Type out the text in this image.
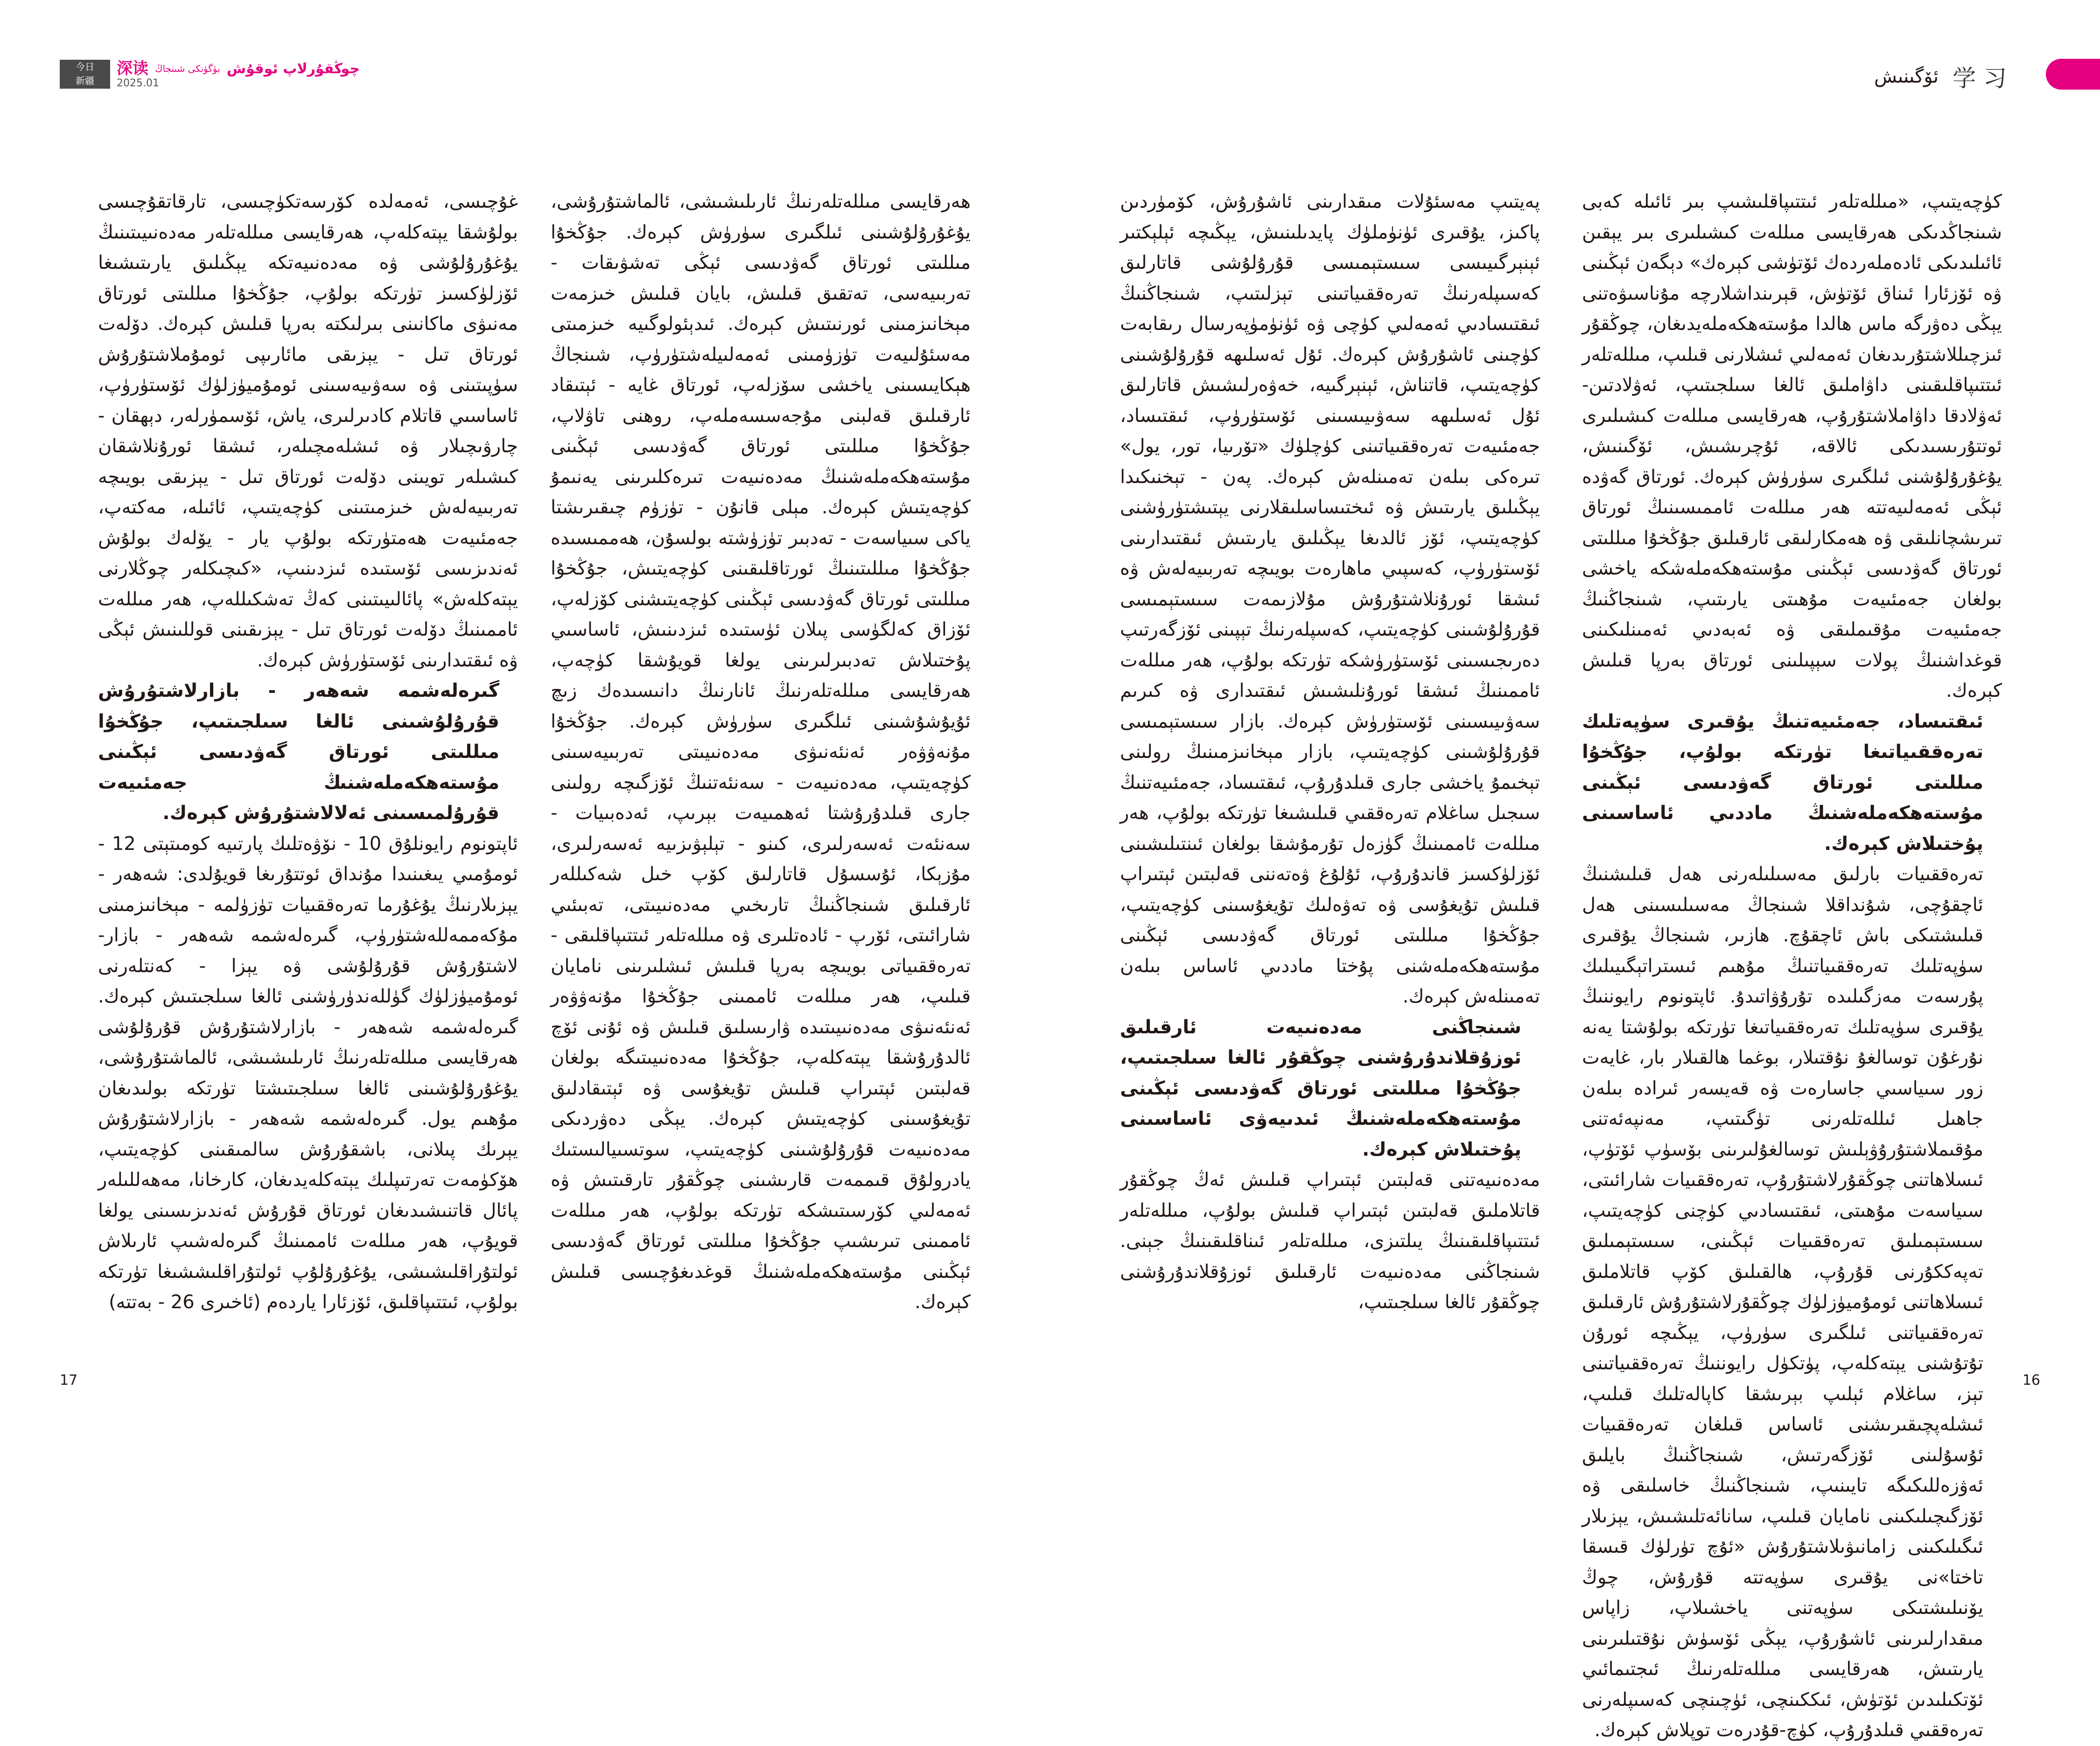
今日
新疆
深读 بۈگۈنكى شىنجاڭ چوڭقۇرلاپ ئوقۇش
2025.01	ئۆگىنىش 学 习

كۈچەيتىپ، «مىللەتلەر ئىتتىپاقلىشىپ بىر ئائىلە كەبى شىنجاڭدىكى ھەرقايسى مىللەت كىشىلىرى بىر يېقىن ئائىلىدىكى ئادەملەردەك ئۆتۈشى كېرەك» دېگەن ئېڭىنى ۋە ئۆزئارا ئىناق ئۆتۈش، قېرىنداشلارچە مۇناسىۋەتنى يېڭى دەۋرگە ماس ھالدا مۇستەھكەملەيدىغان، چوڭقۇر ئىزچىللاشتۇرىدىغان ئەمەلىي ئىشلارنى قىلىپ، مىللەتلەر ئىتتىپاقلىقىنى داۋاملىق ئالغا سىلجىتىپ، ئەۋلادتىن-ئەۋلادقا داۋاملاشتۇرۇپ، ھەرقايسى مىللەت كىشىلىرى ئوتتۇرىسىدىكى ئالاقە، ئۇچرىشىش، ئۆگىنىش، يۇغۇرۇلۇشنى ئىلگىرى سۈرۈش كېرەك. ئورتاق گەۋدە ئېڭى ئەمەلىيەتتە ھەر مىللەت ئاممىسىنىڭ ئورتاق تىرىشچانلىقى ۋە ھەمكارلىقى ئارقىلىق جۇڭخۇا مىللىتى ئورتاق گەۋدىسى ئېڭىنى مۇستەھكەملەشكە ياخشى بولغان جەمئىيەت مۇھىتى يارىتىپ، شىنجاڭنىڭ جەمئىيەت مۇقىملىقى ۋە ئەبەدىي ئەمىنلىكىنى قوغداشنىڭ پولات سېپىلىنى ئورتاق بەرپا قىلىش كېرەك.

ئىقتىساد، جەمئىيەتنىڭ يۇقىرى سۈپەتلىك تەرەققىياتىغا تۈرتكە بولۇپ، جۇڭخۇا مىللىتى ئورتاق گەۋدىسى ئېڭىنى مۇستەھكەملەشنىڭ ماددىي ئاساسىنى پۇختىلاش كېرەك.

تەرەققىيات بارلىق مەسىلىلەرنى ھەل قىلىشنىڭ ئاچقۇچى، شۇنداقلا شىنجاڭ مەسىلىسىنى ھەل قىلىشتىكى باش ئاچقۇچ. ھازىر، شىنجاڭ يۇقىرى سۈپەتلىك تەرەققىياتنىڭ مۇھىم ئىستراتېگىيىلىك پۇرسەت مەزگىلىدە تۇرۇۋاتىدۇ. ئاپتونوم رايوننىڭ يۇقىرى سۈپەتلىك تەرەققىياتىغا تۈرتكە بولۇشتا يەنە نۇرغۇن توسالغۇ نۇقتىلار، بوغما ھالقىلار بار، غايەت زور سىياسىي جاسارەت ۋە قەيسەر ئىرادە بىلەن جاھىل ئىللەتلەرنى تۈگىتىپ، مەنپەئەتنى مۇقىملاشتۇرۇۋېلىش توسالغۇلىرىنى بۆسۈپ ئۆتۈپ، ئىسلاھاتنى چوڭقۇرلاشتۇرۇپ، تەرەققىيات شارائىتى، سىياسەت مۇھىتى، ئىقتىسادىي كۈچنى كۈچەيتىپ، سىستېمىلىق تەرەققىيات ئېڭىنى، سىستېمىلىق تەپەككۇرنى قۇرۇپ، ھالقىلىق كۆپ قاتلاملىق ئىسلاھاتنى ئومۇميۈزلۈك چوڭقۇرلاشتۇرۇش ئارقىلىق تەرەققىياتنى ئىلگىرى سۈرۈپ، يېڭىچە ئورۇن تۇتۇشنى يېتەكلەپ، پۈتكۈل رايوننىڭ تەرەققىياتىنى تېز، ساغلام ئېلىپ بېرىشقا كاپالەتلىك قىلىپ، ئىشلەپچىقىرىشنى ئاساس قىلغان تەرەققىيات ئۇسۇلىنى ئۆزگەرتىش، شىنجاڭنىڭ بايلىق ئەۋزەللىكىگە تايىنىپ، شىنجاڭنىڭ خاسلىقى ۋە ئۆزگىچىلىكىنى نامايان قىلىپ، سانائەتلىشىش، يېزىلار ئىگىلىكىنى زامانىۋىلاشتۇرۇش «ئۇچ تۈرلۈك قىسقا تاختا»نى يۇقىرى سۈپەتتە قۇرۇش، چوڭ يۆنىلىشتىكى سۈپەتنى ياخشىلاپ، زاپاس مىقدارلىرىنى ئاشۇرۇپ، يېڭى ئۆسۈش نۇقتىلىرىنى يارىتىش، ھەرقايسى مىللەتلەرنىڭ ئىجتىمائىي ئۆتكىلىدىن ئۆتۈش، ئىككىنچى، ئۈچىنچى كەسىپلەرنى تەرەققىي قىلدۇرۇپ، كۈچ-قۇدرەت توپلاش كېرەك.

پەيتىپ مەسئۇلات مىقدارىنى ئاشۇرۇش، كۆمۈردىن پاكىز، يۇقىرى ئۈنۈملۈك پايدىلىنىش، يېڭىچە ئېلېكتىر ئېنېرگىيىسى سىستېمىسى قۇرۇلۇشى قاتارلىق كەسىپلەرنىڭ تەرەققىياتىنى تېزلىتىپ، شىنجاڭنىڭ ئىقتىسادىي ئەمەلىي كۈچى ۋە ئۈنۈمۈپەرسال رىقابەت كۈچىنى ئاشۇرۇش كېرەك. ئۇل ئەسلىھە قۇرۇلۇشىنى كۈچەيتىپ، قاتناش، ئېنېرگىيە، خەۋەرلىشىش قاتارلىق ئۇل ئەسلىھە سەۋىيىسىنى ئۆستۈرۈپ، ئىقتىساد، جەمئىيەت تەرەققىياتىنى كۈچلۈك «تۆرىيا، تور، يول» تىرەكى بىلەن تەمىنلەش كېرەك. پەن - تېخنىكىدا يېڭىلىق يارىتىش ۋە ئىختىساسلىقلارنى يېتىشتۈرۈشنى كۈچەيتىپ، ئۆز ئالدىغا يېڭىلىق يارىتىش ئىقتىدارىنى ئۆستۈرۈپ، كەسپىي ماھارەت بويىچە تەربىيەلەش ۋە ئىشقا ئورۇنلاشتۇرۇش مۇلازىمەت سىستېمىسى قۇرۇلۇشىنى كۈچەيتىپ، كەسپلەرنىڭ تېپىنى ئۆزگەرتىپ دەرىجىسىنى ئۆستۈرۈشكە تۈرتكە بولۇپ، ھەر مىللەت ئاممىنىڭ ئىشقا ئورۇنلىشىش ئىقتىدارى ۋە كىرىم سەۋىيىسىنى ئۆستۈرۈش كېرەك. بازار سىستېمىسى قۇرۇلۇشىنى كۈچەيتىپ، بازار مېخانىزمىنىڭ رولىنى تېخىمۇ ياخشى جارى قىلدۇرۇپ، ئىقتىساد، جەمئىيەتنىڭ سىجىل ساغلام تەرەققىي قىلىشىغا تۈرتكە بولۇپ، ھەر مىللەت ئاممىنىڭ گۈزەل تۇرمۇشقا بولغان ئىنتىلىشىنى ئۆزلۈكسىز قاندۇرۇپ، ئۇلۇغ ۋەتەننى قەلبتىن ئېتىراپ قىلىش تۇيغۇسى ۋە تەۋەلىك تۇيغۇسىنى كۈچەيتىپ، جۇڭخۇا مىللىتى ئورتاق گەۋدىسى ئېڭىنى مۇستەھكەملەشنى پۇختا ماددىي ئاساس بىلەن تەمىنلەش كېرەك.

شىنجاڭنى مەدەنىيەت ئارقىلىق ئوزۇقلاندۇرۇشنى چوڭقۇر ئالغا سىلجىتىپ، جۇڭخۇا مىللىتى ئورتاق گەۋدىسى ئېڭىنى مۇستەھكەملەشنىڭ ئىدىيەۋى ئاساسىنى پۇختىلاش كېرەك.

مەدەنىيەتنى قەلبتىن ئېتىراپ قىلىش ئەڭ چوڭقۇر قاتلاملىق قەلبتىن ئېتىراپ قىلىش بولۇپ، مىللەتلەر ئىتتىپاقلىقىنىڭ يىلتىزى، مىللەتلەر ئىناقلىقىنىڭ جېنى. شىنجاڭنى مەدەنىيەت ئارقىلىق ئوزۇقلاندۇرۇشنى چوڭقۇر ئالغا سىلجىتىپ،

ھەرقايسى مىللەتلەرنىڭ ئارىلىشىشى، ئالماشتۇرۇشى، يۇغۇرۇلۇشىنى ئىلگىرى سۈرۈش كېرەك. جۇڭخۇا مىللىتى ئورتاق گەۋدىسى ئېڭى تەشۋىقات - تەربىيەسى، تەتقىق قىلىش، بايان قىلىش خىزمەت مېخانىزمىنى ئورنىتىش كېرەك. ئىدېئولوگىيە خىزمىتى مەسئۇلىيەت تۈزۈمىنى ئەمەلىيلەشتۈرۈپ، شىنجاڭ ھېكايىسىنى ياخشى سۆزلەپ، ئورتاق غايە - ئېتىقاد ئارقىلىق قەلبنى مۇجەسسەملەپ، روھنى تاۋلاپ، جۇڭخۇا مىللىتى ئورتاق گەۋدىسى ئېڭىنى مۇستەھكەملەشنىڭ مەدەنىيەت تىرەكلىرىنى يەنىمۇ كۈچەيتىش كېرەك. مېلى قانۇن - تۈزۈم چىقىرىشتا ياكى سىياسەت - تەدبىر تۈزۈشتە بولسۇن، ھەممىسىدە جۇڭخۇا مىللىتىنىڭ ئورتاقلىقىنى كۈچەيتىش، جۇڭخۇا مىللىتى ئورتاق گەۋدىسى ئېڭىنى كۈچەيتىشنى كۆزلەپ، ئۆزاق كەلگۈسى پىلان ئۈستىدە ئىزدىنىش، ئاساسىي پۇختىلاش تەدبىرلىرىنى يولغا قويۇشقا كۈچەپ، ھەرقايسى مىللەتلەرنىڭ ئانارنىڭ دانىسىدەك زىچ ئۇيۇشۇشىنى ئىلگىرى سۈرۈش كېرەك. جۇڭخۇا مۇنەۋۋەر ئەنئەنىۋى مەدەنىيىتى تەربىيەسىنى كۈچەيتىپ، مەدەنىيەت - سەنئەتنىڭ ئۆزگىچە رولىنى جارى قىلدۇرۇشتا ئەھمىيەت بېرىپ، ئەدەبىيات - سەنئەت ئەسەرلىرى، كىنو - تېلېۋىزىيە ئەسەرلىرى، مۇزېكا، ئۇسسۇل قاتارلىق كۆپ خىل شەكىللەر ئارقىلىق شىنجاڭنىڭ تارىخىي مەدەنىيىتى، تەبىئىي شارائىتى، ئۆرپ - ئادەتلىرى ۋە مىللەتلەر ئىتتىپاقلىقى - تەرەققىياتى بويىچە بەرپا قىلىش ئىشلىرىنى نامايان قىلىپ، ھەر مىللەت ئاممىنى جۇڭخۇا مۇنەۋۋەر ئەنئەنىۋى مەدەنىيىتىدە ۋارىسلىق قىلىش ۋە ئۇنى ئۆچ ئالدۇرۇشقا يېتەكلەپ، جۇڭخۇا مەدەنىيىتىگە بولغان قەلبتىن ئېتىراپ قىلىش تۇيغۇسى ۋە ئېتىقادلىق تۇيغۇسىنى كۈچەيتىش كېرەك. يېڭى دەۋردىكى مەدەنىيەت قۇرۇلۇشىنى كۈچەيتىپ، سوتسىيالىستىك يادرولۇق قىممەت قارىشىنى چوڭقۇر تارقىتىش ۋە ئەمەلىي كۆرسىتىشكە تۈرتكە بولۇپ، ھەر مىللەت ئاممىنى تىرىشىپ جۇڭخۇا مىللىتى ئورتاق گەۋدىسى ئېڭىنى مۇستەھكەملەشنىڭ قوغدىغۇچىسى قىلىش كېرەك.

غۇچىسى، ئەمەلدە كۆرسەتكۈچىسى، تارقاتقۇچىسى بولۇشقا يېتەكلەپ، ھەرقايسى مىللەتلەر مەدەنىيىتىنىڭ يۇغۇرۇلۇشى ۋە مەدەنىيەتكە يېڭىلىق يارىتىشىغا ئۆزلۈكسىز تۈرتكە بولۇپ، جۇڭخۇا مىللىتى ئورتاق مەنىۋى ماكانىنى بىرلىكتە بەرپا قىلىش كېرەك. دۆلەت ئورتاق تىل - يېزىقى مائارىپى ئومۇملاشتۇرۇش سۈپىتىنى ۋە سەۋىيەسىنى ئومۇميۈزلۈك ئۆستۈرۈپ، ئاساسىي قاتلام كادىرلىرى، ياش، ئۆسمۈرلەر، دېھقان - چارۋىچىلار ۋە ئىشلەمچىلەر، ئىشقا ئورۇنلاشقان كىشىلەر تويىنى دۆلەت ئورتاق تىل - يېزىقى بويىچە تەربىيەلەش خىزمىتىنى كۈچەيتىپ، ئائىلە، مەكتەپ، جەمئىيەت ھەمتۈرتكە بولۇپ يار - يۆلەك بولۇش ئەندىزىسى ئۆستىدە ئىزدىنىپ، «كىچىكلەر چوڭلارنى يېتەكلەش» پائالىيىتىنى كەڭ تەشكىللەپ، ھەر مىللەت ئاممىنىڭ دۆلەت ئورتاق تىل - يېزىقىنى قوللىنىش ئېڭى ۋە ئىقتىدارىنى ئۆستۈرۈش كېرەك.

گىرەلەشمە شەھەر - بازارلاشتۇرۇش قۇرۇلۇشىنى ئالغا سىلجىتىپ، جۇڭخۇا مىللىتى ئورتاق گەۋدىسى ئېڭىنى مۇستەھكەملەشنىڭ جەمئىيەت قۇرۇلمىسىنى ئەلالاشتۇرۇش كېرەك.

ئاپتونوم رايونلۇق 10 - نۆۋەتلىك پارتىيە كومىتېتى 12 - ئومۇمىي يىغىنىدا مۇنداق ئوتتۇرىغا قويۇلدى: شەھەر - يېزىلارنىڭ يۇغۇرما تەرەققىيات تۈزۈلمە - مېخانىزمىنى مۇكەممەللەشتۈرۈپ، گىرەلەشمە شەھەر - بازار-لاشتۇرۇش قۇرۇلۇشى ۋە يېزا - كەنتلەرنى ئومۇميۈزلۈك گۈللەندۈرۈشنى ئالغا سىلجىتىش كېرەك. گىرەلەشمە شەھەر - بازارلاشتۇرۇش قۇرۇلۇشى ھەرقايسى مىللەتلەرنىڭ ئارىلىشىشى، ئالماشتۇرۇشى، يۇغۇرۇلۇشىنى ئالغا سىلجىتىشتا تۈرتكە بولىدىغان مۇھىم يول. گىرەلەشمە شەھەر - بازارلاشتۇرۇش يېرىك پىلانى، باشقۇرۇش سالمىقىنى كۈچەيتىپ، ھۆكۈمەت تەرتىپلىك يېتەكلەيدىغان، كارخانا، مەھەللىلەر پائال قاتنىشىدىغان ئورتاق قۇرۇش ئەندىزىسىنى يولغا قويۇپ، ھەر مىللەت ئاممىنىڭ گىرەلەشىپ ئارىلاش ئولتۇراقلىشىشى، يۇغۇرۇلۇپ ئولتۇراقلىششىغا تۈرتكە بولۇپ، ئىتتىپاقلىق، ئۆزئارا ياردەم (ئاخىرى 26 - بەتتە)

17	16
